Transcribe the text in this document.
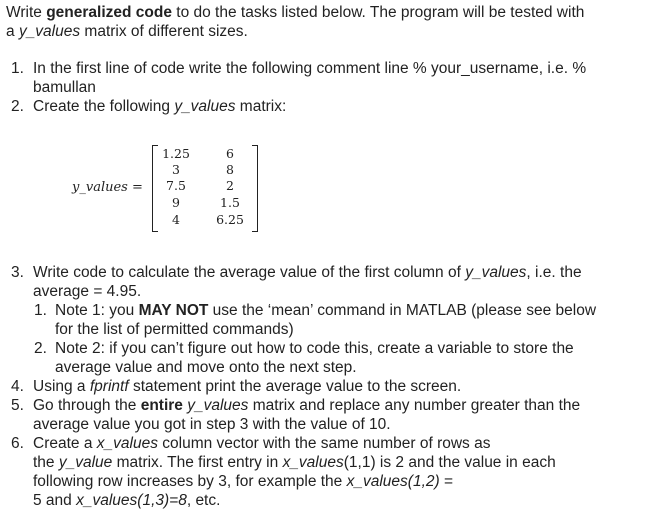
Write generalized code to do the tasks listed below. The program will be tested with
a y_values matrix of different sizes.
1. In the first line of code write the following comment line % your_username, i.e. %
bamullan
2. Create the following y_values matrix:
y_values =
1.25
3
7.5
9
4
6
8
2
1.5
6.25
3. Write code to calculate the average value of the first column of y_values, i.e. the
average = 4.95.
1. Note 1: you MAY NOT use the ‘mean’ command in MATLAB (please see below
for the list of permitted commands)
2. Note 2: if you can’t figure out how to code this, create a variable to store the
average value and move onto the next step.
4. Using a fprintf statement print the average value to the screen.
5. Go through the entire y_values matrix and replace any number greater than the
average value you got in step 3 with the value of 10.
6. Create a x_values column vector with the same number of rows as
the y_value matrix. The first entry in x_values(1,1) is 2 and the value in each
following row increases by 3, for example the x_values(1,2) =
5 and x_values(1,3)=8, etc.
